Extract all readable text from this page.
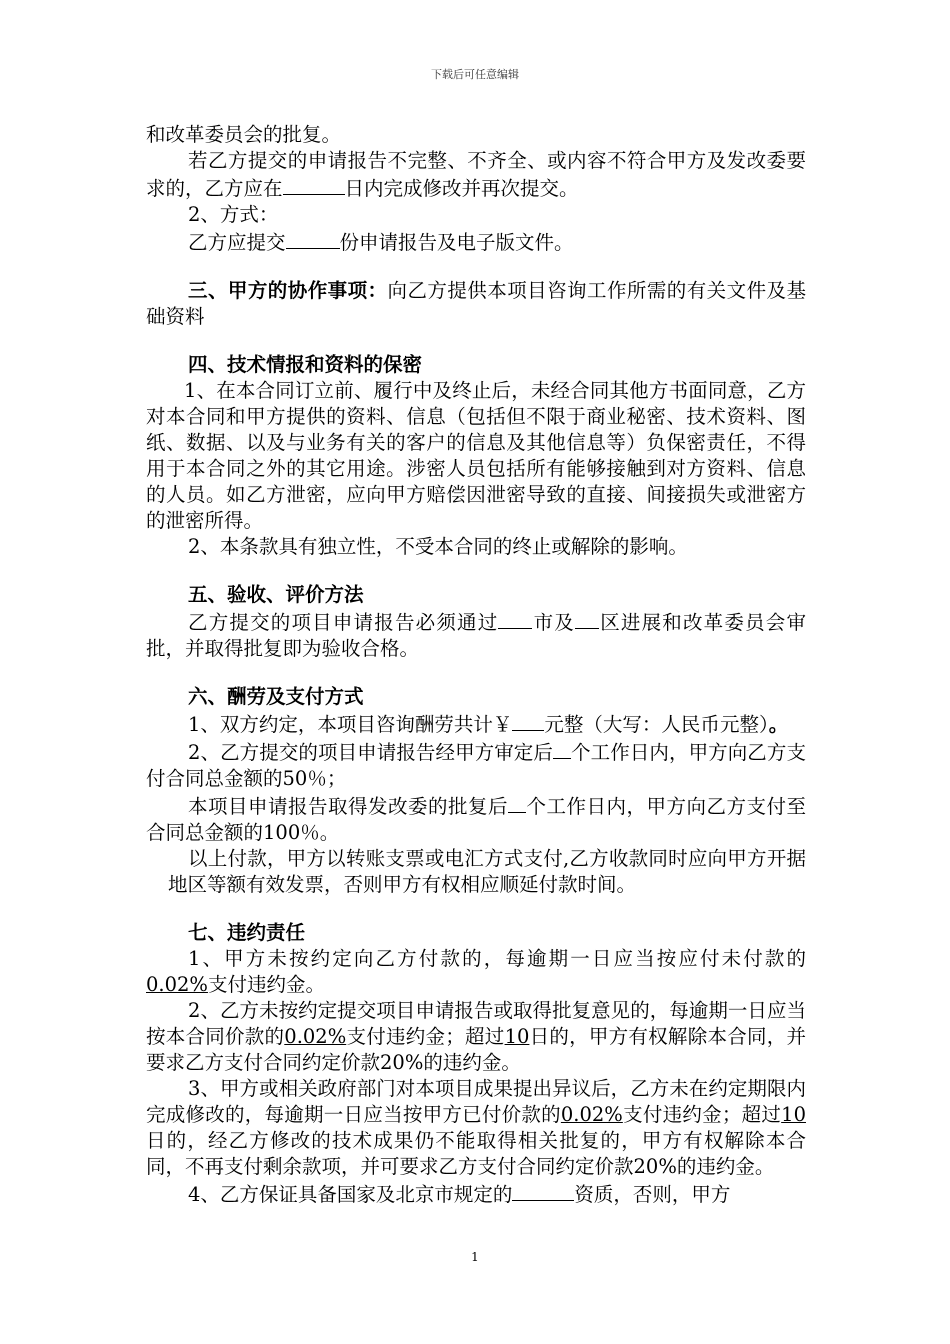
下载后可任意编辑

和改革委员会的批复。

若乙方提交的申请报告不完整、不齐全、或内容不符合甲方及发改委要求的，乙方应在	日内完成修改并再次提交。

2、方式：

乙方应提交	份申请报告及电子版文件。

三、甲方的协作事项：向乙方提供本项目咨询工作所需的有关文件及基础资料

四、技术情报和资料的保密

1、在本合同订立前、履行中及终止后，未经合同其他方书面同意，乙方对本合同和甲方提供的资料、信息（包括但不限于商业秘密、技术资料、图纸、数据、以及与业务有关的客户的信息及其他信息等）负保密责任，不得用于本合同之外的其它用途。涉密人员包括所有能够接触到对方资料、信息的人员。如乙方泄密，应向甲方赔偿因泄密导致的直接、间接损失或泄密方的泄密所得。

2、本条款具有独立性，不受本合同的终止或解除的影响。

五、验收、评价方法

乙方提交的项目申请报告必须通过 市及 区进展和改革委员会审批，并取得批复即为验收合格。

六、酬劳及支付方式

1、双方约定，本项目咨询酬劳共计￥ 元整（大写：人民币元整）。

2、乙方提交的项目申请报告经甲方审定后 个工作日内，甲方向乙方支付合同总金额的50％；

本项目申请报告取得发改委的批复后 个工作日内，甲方向乙方支付至合同总金额的100％。

以上付款，甲方以转账支票或电汇方式支付,乙方收款同时应向甲方开据地区等额有效发票，否则甲方有权相应顺延付款时间。

七、违约责任

1、甲方未按约定向乙方付款的，每逾期一日应当按应付未付款的0.02%支付违约金。

2、乙方未按约定提交项目申请报告或取得批复意见的，每逾期一日应当按本合同价款的0.02%支付违约金；超过10日的，甲方有权解除本合同，并要求乙方支付合同约定价款20%的违约金。

3、甲方或相关政府部门对本项目成果提出异议后，乙方未在约定期限内完成修改的，每逾期一日应当按甲方已付价款的0.02%支付违约金；超过10日的，经乙方修改的技术成果仍不能取得相关批复的，甲方有权解除本合同，不再支付剩余款项，并可要求乙方支付合同约定价款20%的违约金。

4、乙方保证具备国家及北京市规定的	资质，否则，甲方

1
